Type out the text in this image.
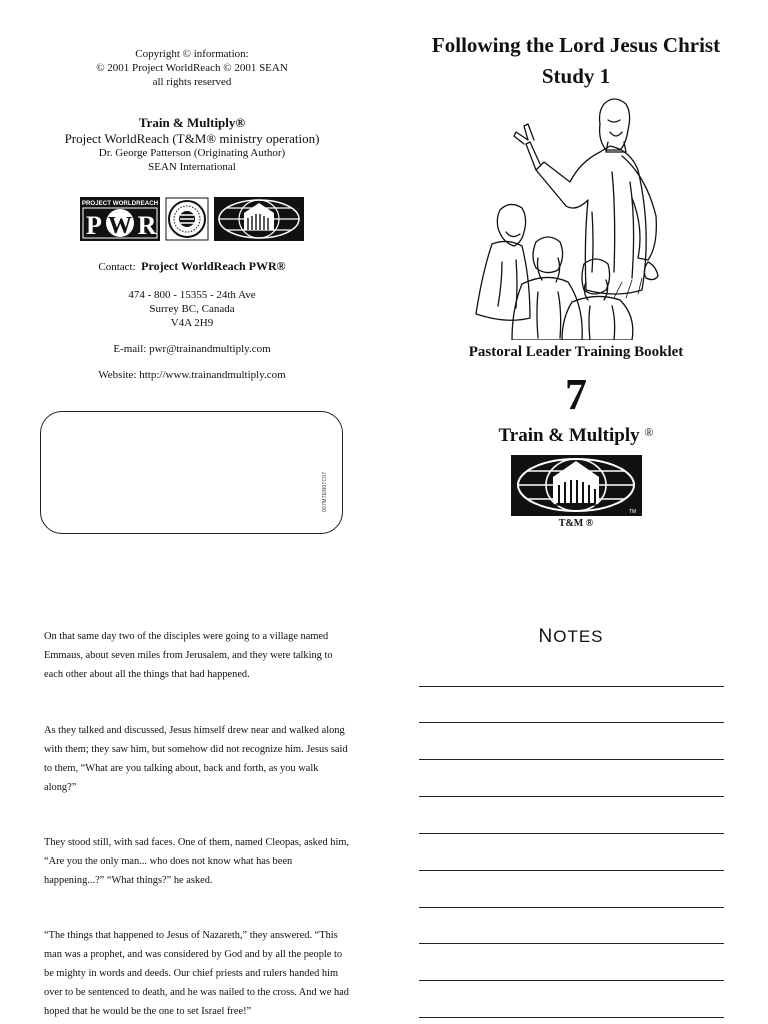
Copyright © information:
© 2001 Project WorldReach © 2001 SEAN
all rights reserved
Train & Multiply®
Project WorldReach (T&M® ministry operation)
Dr. George Patterson (Originating Author)
SEAN International
PROJECT WORLDREACH
P W R
Contact: Project WorldReach PWR®
474 - 800 - 15355 - 24th Ave
Surrey BC, Canada
V4A 2H9
E-mail: pwr@trainandmultiply.com
Website: http://www.trainandmultiply.com
007M7EN07C07
Following the Lord Jesus Christ
Study 1
Pastoral Leader Training Booklet
7
Train & Multiply ®
TM
T&M ®

On that same day two of the disciples were going to a village named Emmaus, about seven miles from Jerusalem, and they were talking to each other about all the things that had happened.

As they talked and discussed, Jesus himself drew near and walked along with them; they saw him, but somehow did not recognize him. Jesus said to them, “What are you talking about, back and forth, as you walk along?”

They stood still, with sad faces. One of them, named Cleopas, asked him, “Are you the only man... who does not know what has been happening...?” “What things?” he asked.

“The things that happened to Jesus of Nazareth,” they answered. “This man was a prophet, and was considered by God and by all the people to be mighty in words and deeds. Our chief priests and rulers handed him over to be sentenced to death, and he was nailed to the cross. And we had hoped that he would be the one to set Israel free!”

NOTES
